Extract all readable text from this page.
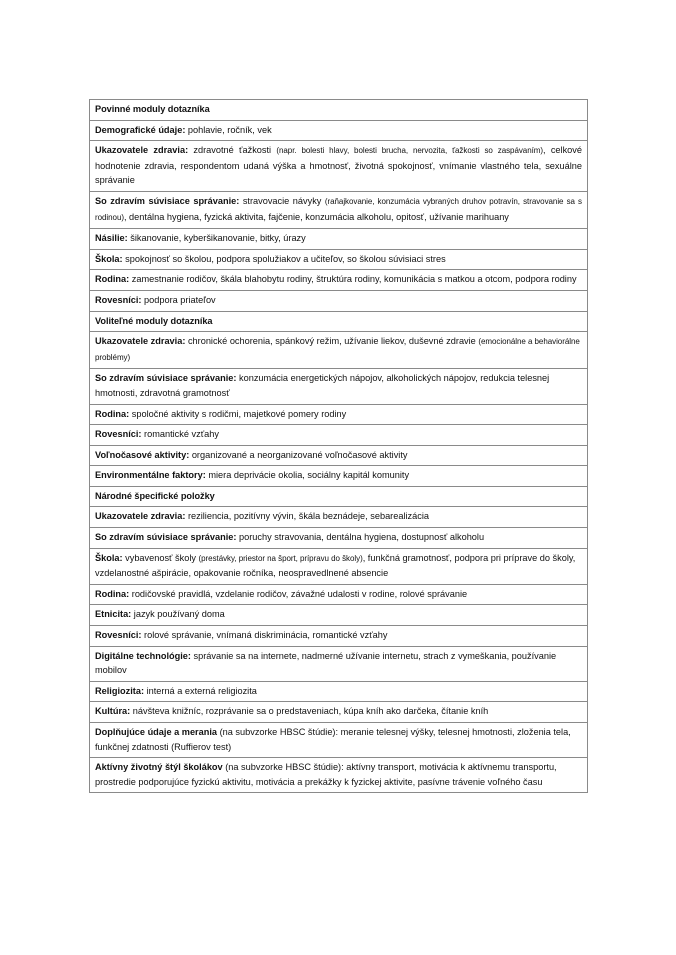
Povinné moduly dotazníka
Demografické údaje: pohlavie, ročník, vek
Ukazovatele zdravia: zdravotné ťažkosti (napr. bolesti hlavy, bolesti brucha, nervozita, ťažkosti so zaspávaním), celkové hodnotenie zdravia, respondentom udaná výška a hmotnosť, životná spokojnosť, vnímanie vlastného tela, sexuálne správanie
So zdravím súvisiace správanie: stravovacie návyky (raňajkovanie, konzumácia vybraných druhov potravín, stravovanie sa s rodinou), dentálna hygiena, fyzická aktivita, fajčenie, konzumácia alkoholu, opitosť, užívanie marihuany
Násilie: šikanovanie, kyberšikanovanie, bitky, úrazy
Škola: spokojnosť so školou, podpora spolužiakov a učiteľov, so školou súvisiaci stres
Rodina: zamestnanie rodičov, škála blahobytu rodiny, štruktúra rodiny, komunikácia s matkou a otcom, podpora rodiny
Rovesníci: podpora priateľov
Voliteľné moduly dotazníka
Ukazovatele zdravia: chronické ochorenia, spánkový režim, užívanie liekov, duševné zdravie (emocionálne a behaviorálne problémy)
So zdravím súvisiace správanie: konzumácia energetických nápojov, alkoholických nápojov, redukcia telesnej hmotnosti, zdravotná gramotnosť
Rodina: spoločné aktivity s rodičmi, majetkové pomery rodiny
Rovesníci: romantické vzťahy
Voľnočasové aktivity: organizované a neorganizované voľnočasové aktivity
Environmentálne faktory: miera deprivácie okolia, sociálny kapitál komunity
Národné špecifické položky
Ukazovatele zdravia: reziliencia, pozitívny vývin, škála beznádeje, sebarealizácia
So zdravím súvisiace správanie: poruchy stravovania, dentálna hygiena, dostupnosť alkoholu
Škola: vybavenosť školy (prestávky, priestor na šport, prípravu do školy), funkčná gramotnosť, podpora pri príprave do školy, vzdelanostné ašpirácie, opakovanie ročníka, neospravedlnené absencie
Rodina: rodičovské pravidlá, vzdelanie rodičov, závažné udalosti v rodine, rolové správanie
Etnicita: jazyk používaný doma
Rovesníci: rolové správanie, vnímaná diskriminácia, romantické vzťahy
Digitálne technológie: správanie sa na internete, nadmerné užívanie internetu, strach z vymeškania, používanie mobilov
Religiozita: interná a externá religiozita
Kultúra: návšteva knižníc, rozprávanie sa o predstaveniach, kúpa kníh ako darčeka, čítanie kníh
Doplňujúce údaje a merania (na subvzorke HBSC štúdie): meranie telesnej výšky, telesnej hmotnosti, zloženia tela, funkčnej zdatnosti (Ruffierov test)
Aktívny životný štýl školákov (na subvzorke HBSC štúdie): aktívny transport, motivácia k aktívnemu transportu, prostredie podporujúce fyzickú aktivitu, motivácia a prekážky k fyzickej aktivite, pasívne trávenie voľného času
